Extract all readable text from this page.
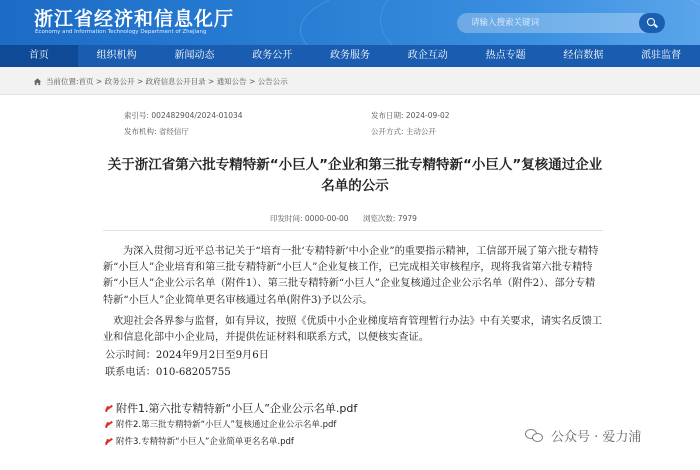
浙江省经济和信息化厅
Economy and Information Technology Department of Zhejiang
请输入搜索关键词
首页	组织机构	新闻动态	政务公开	政务服务	政企互动	热点专题	经信数据	派驻监督
当前位置:首页 > 政务公开 > 政府信息公开目录 > 通知公告 > 公告公示
索引号: 002482904/2024-01034	发布日期: 2024-09-02
发布机构: 省经信厅	公开方式: 主动公开
关于浙江省第六批专精特新“小巨人”企业和第三批专精特新“小巨人”复核通过企业
名单的公示
印发时间: 0000-00-00 浏览次数: 7979
为深入贯彻习近平总书记关于“培育一批‘专精特新’中小企业”的重要指示精神，工信部开展了第六批专精特新“小巨人”企业培育和第三批专精特新“小巨人”企业复核工作，已完成相关审核程序，现将我省第六批专精特新“小巨人”企业公示名单（附件1）、第三批专精特新“小巨人”企业复核通过企业公示名单（附件2）、部分专精特新“小巨人”企业简单更名审核通过名单(附件3)予以公示。
欢迎社会各界参与监督，如有异议，按照《优质中小企业梯度培育管理暂行办法》中有关要求，请实名反馈工业和信息化部中小企业局，并提供佐证材料和联系方式，以便核实查证。
公示时间：2024年9月2日至9月6日
联系电话：010-68205755
附件1.第六批专精特新“小巨人”企业公示名单.pdf
附件2.第三批专精特新“小巨人”复核通过企业公示名单.pdf
附件3.专精特新“小巨人”企业简单更名名单.pdf	公众号 · 爱力浦
